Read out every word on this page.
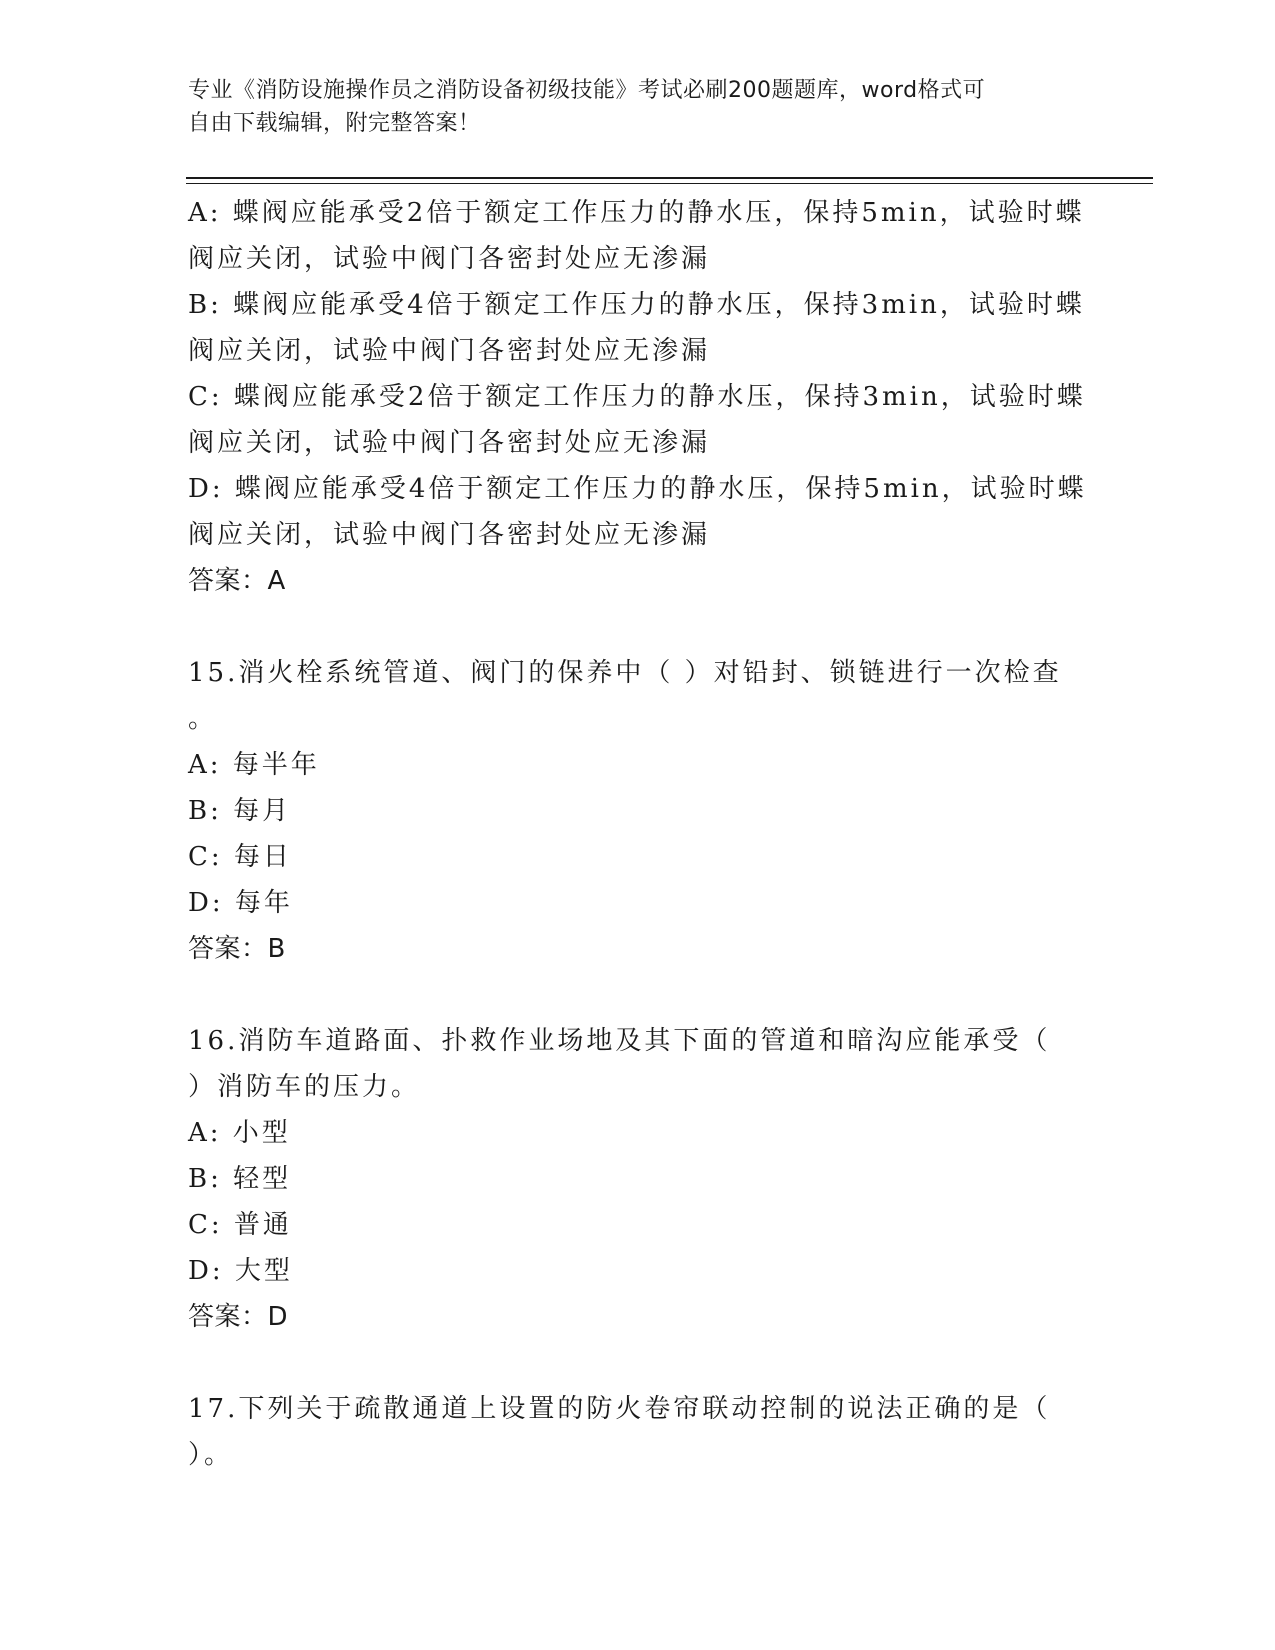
专业《消防设施操作员之消防设备初级技能》考试必刷200题题库，word格式可
自由下载编辑，附完整答案！
A: 蝶阀应能承受2倍于额定工作压力的静水压，保持5min，试验时蝶
阀应关闭，试验中阀门各密封处应无渗漏
B: 蝶阀应能承受4倍于额定工作压力的静水压，保持3min，试验时蝶
阀应关闭，试验中阀门各密封处应无渗漏
C: 蝶阀应能承受2倍于额定工作压力的静水压，保持3min，试验时蝶
阀应关闭，试验中阀门各密封处应无渗漏
D: 蝶阀应能承受4倍于额定工作压力的静水压，保持5min，试验时蝶
阀应关闭，试验中阀门各密封处应无渗漏
答案：A
15.消火栓系统管道、阀门的保养中（ ）对铅封、锁链进行一次检查
。
A: 每半年
B: 每月
C: 每日
D: 每年
答案：B
16.消防车道路面、扑救作业场地及其下面的管道和暗沟应能承受（
）消防车的压力。
A: 小型
B: 轻型
C: 普通
D: 大型
答案：D
17.下列关于疏散通道上设置的防火卷帘联动控制的说法正确的是（
）。
